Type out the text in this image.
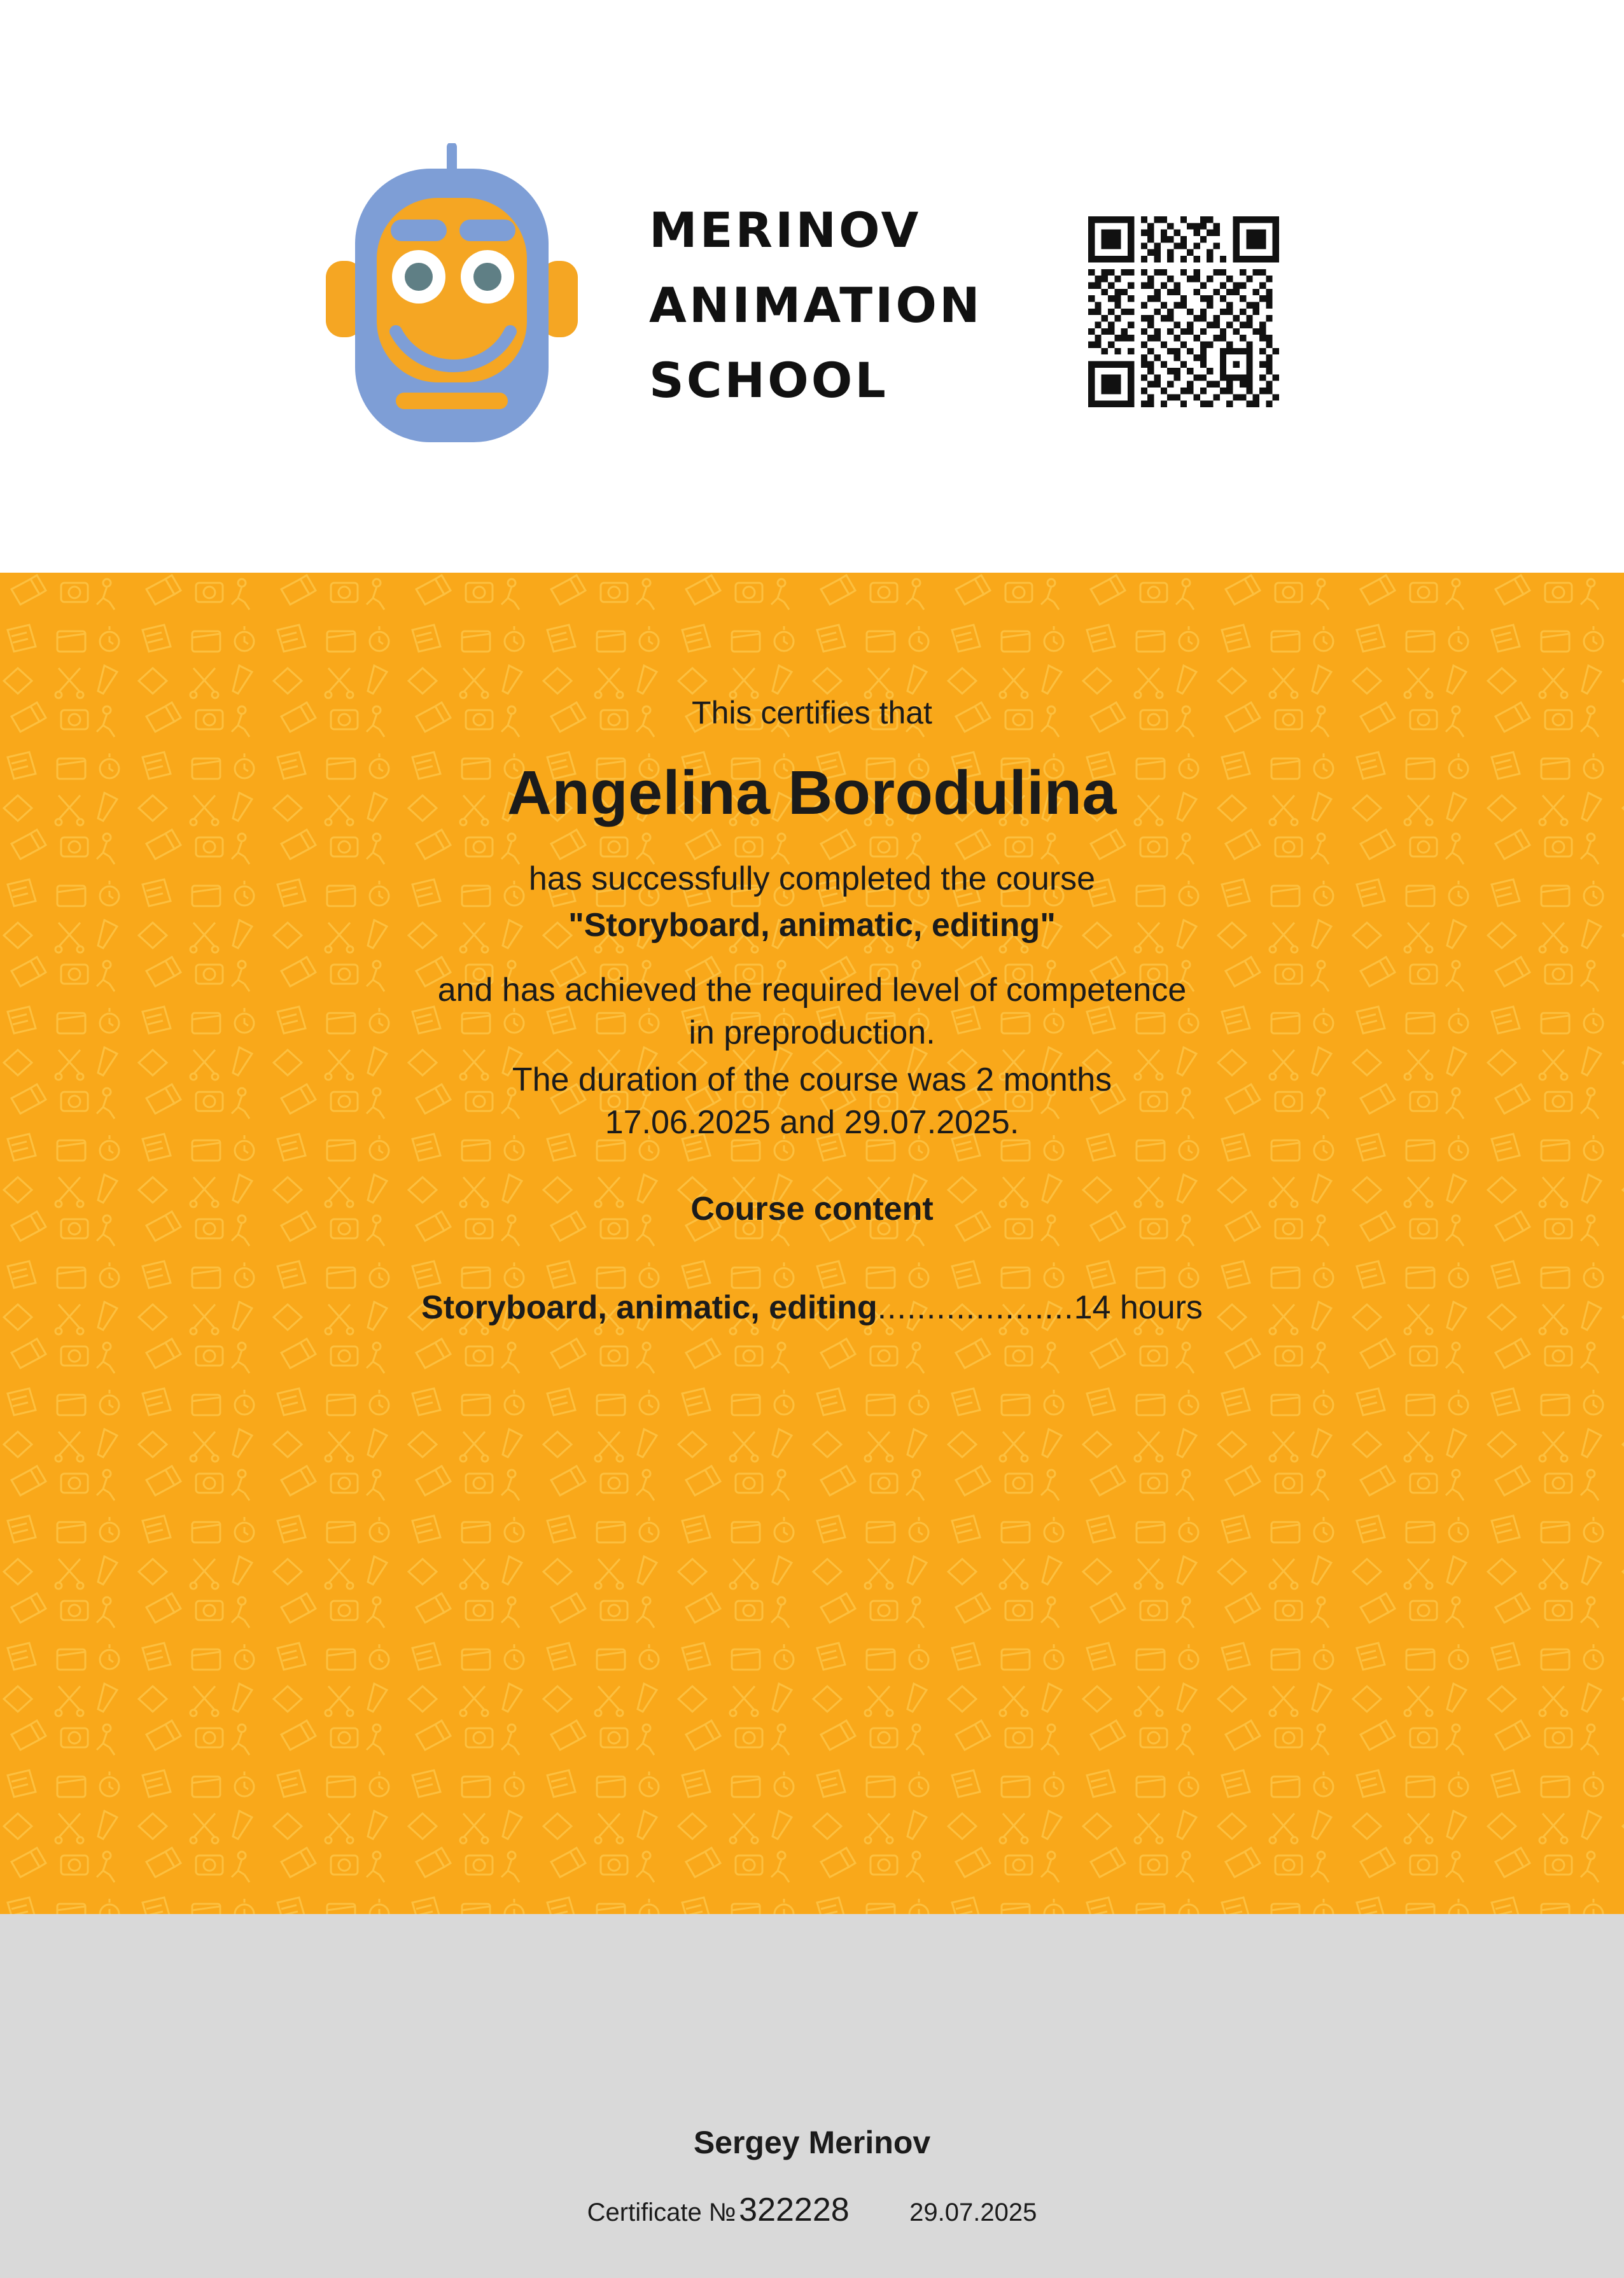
MERINOV
ANIMATION
SCHOOL

This certifies that

Angelina Borodulina

has successfully completed the course

"Storyboard, animatic, editing"

and has achieved the required level of competence

in preproduction.

The duration of the course was 2 months

17.06.2025 and 29.07.2025.

Course content

Storyboard, animatic, editing....................14 hours

Sergey Merinov
Certificate № 322228 29.07.2025
